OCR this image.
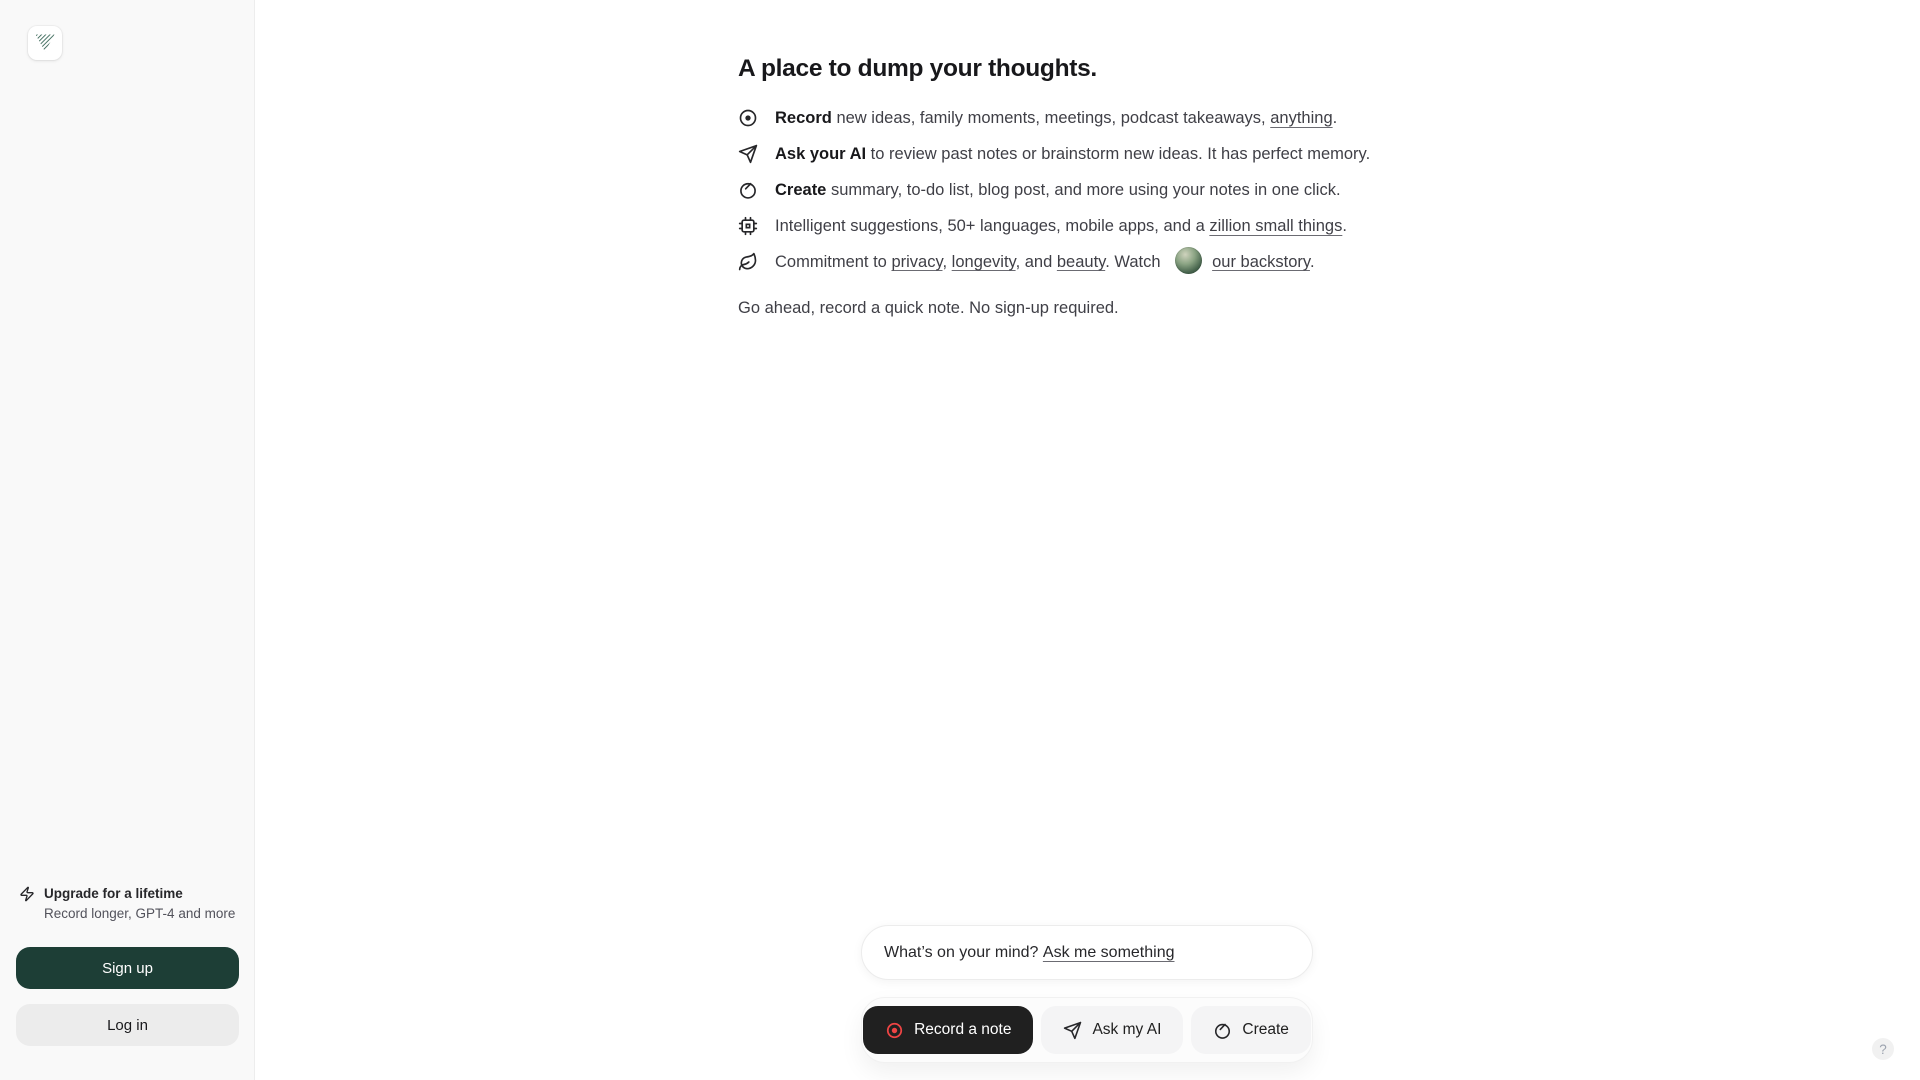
Upgrade for a lifetime
Record longer, GPT-4 and more
Sign up
Log in
A place to dump your thoughts.

Record new ideas, family moments, meetings, podcast takeaways, anything.

Ask your AI to review past notes or brainstorm new ideas. It has perfect memory.

Create summary, to-do list, blog post, and more using your notes in one click.

Intelligent suggestions, 50+ languages, mobile apps, and a zillion small things.

Commitment to privacy, longevity, and beauty. Watch	our backstory.

Go ahead, record a quick note. No sign-up required.

What’s on your mind? Ask me something
Record a note	Ask my AI	Create
?
